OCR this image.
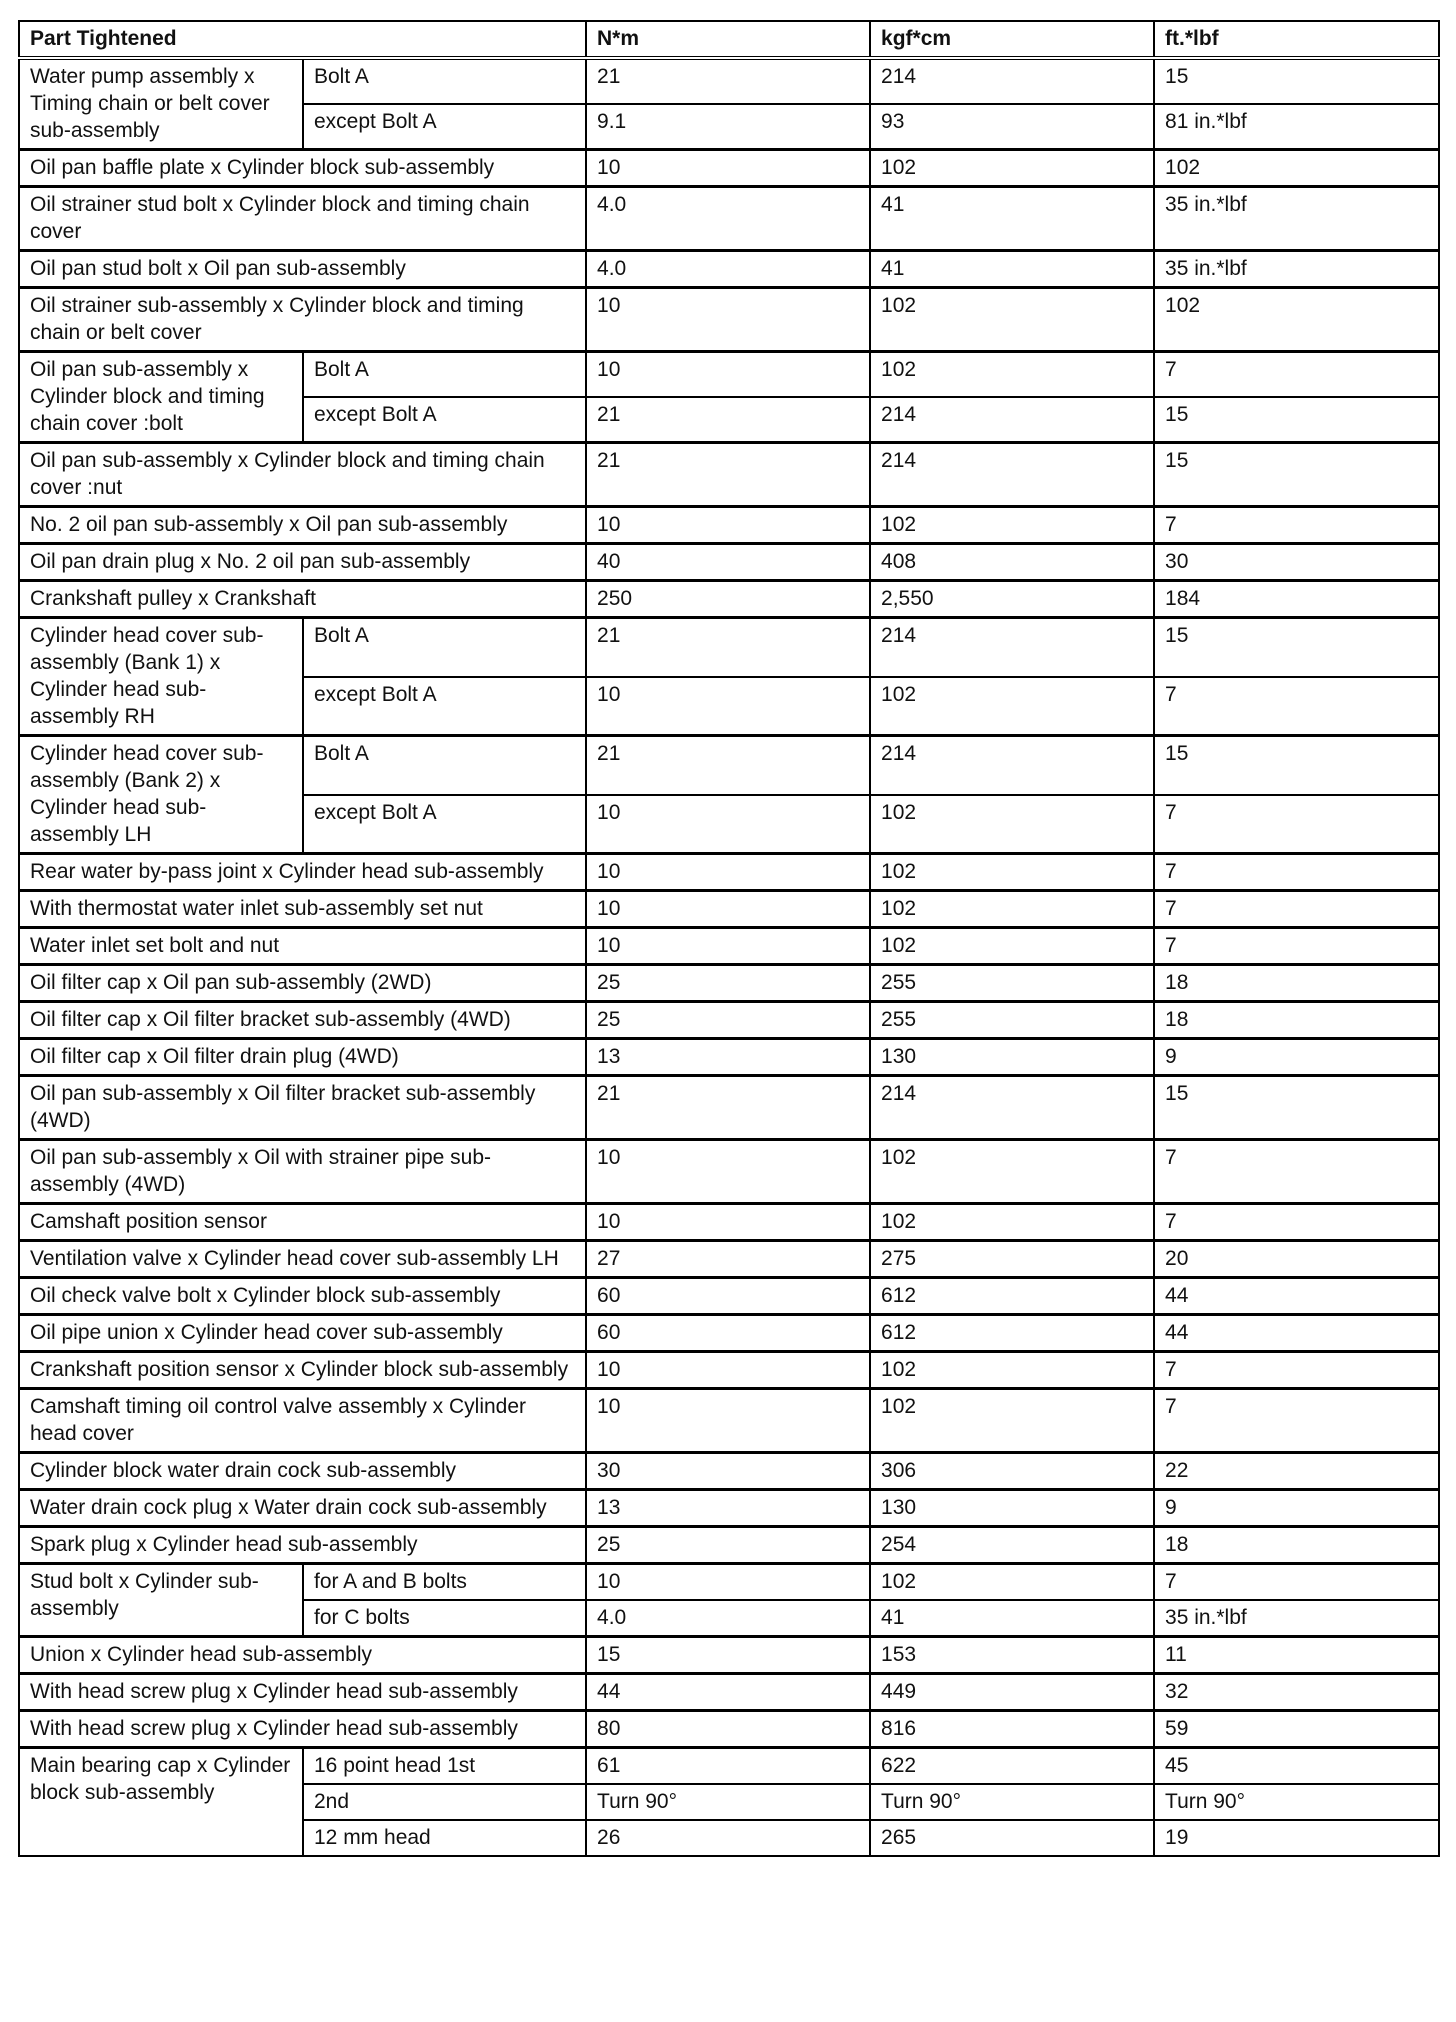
Part Tightened		N*m	kgf*cm	ft.*lbf
Water pump assembly x Timing chain or belt cover sub-assembly	Bolt A	21	214	15
	except Bolt A	9.1	93	81 in.*lbf
Oil pan baffle plate x Cylinder block sub-assembly		10	102	102
Oil strainer stud bolt x Cylinder block and timing chain cover		4.0	41	35 in.*lbf
Oil pan stud bolt x Oil pan sub-assembly		4.0	41	35 in.*lbf
Oil strainer sub-assembly x Cylinder block and timing chain or belt cover		10	102	102
Oil pan sub-assembly x Cylinder block and timing chain cover :bolt	Bolt A	10	102	7
	except Bolt A	21	214	15
Oil pan sub-assembly x Cylinder block and timing chain cover :nut		21	214	15
No. 2 oil pan sub-assembly x Oil pan sub-assembly		10	102	7
Oil pan drain plug x No. 2 oil pan sub-assembly		40	408	30
Crankshaft pulley x Crankshaft		250	2,550	184
Cylinder head cover sub-assembly (Bank 1) x Cylinder head sub-assembly RH	Bolt A	21	214	15
	except Bolt A	10	102	7
Cylinder head cover sub-assembly (Bank 2) x Cylinder head sub-assembly LH	Bolt A	21	214	15
	except Bolt A	10	102	7
Rear water by-pass joint x Cylinder head sub-assembly		10	102	7
With thermostat water inlet sub-assembly set nut		10	102	7
Water inlet set bolt and nut		10	102	7
Oil filter cap x Oil pan sub-assembly (2WD)		25	255	18
Oil filter cap x Oil filter bracket sub-assembly (4WD)		25	255	18
Oil filter cap x Oil filter drain plug (4WD)		13	130	9
Oil pan sub-assembly x Oil filter bracket sub-assembly (4WD)		21	214	15
Oil pan sub-assembly x Oil with strainer pipe sub-assembly (4WD)		10	102	7
Camshaft position sensor		10	102	7
Ventilation valve x Cylinder head cover sub-assembly LH		27	275	20
Oil check valve bolt x Cylinder block sub-assembly		60	612	44
Oil pipe union x Cylinder head cover sub-assembly		60	612	44
Crankshaft position sensor x Cylinder block sub-assembly		10	102	7
Camshaft timing oil control valve assembly x Cylinder head cover		10	102	7
Cylinder block water drain cock sub-assembly		30	306	22
Water drain cock plug x Water drain cock sub-assembly		13	130	9
Spark plug x Cylinder head sub-assembly		25	254	18
Stud bolt x Cylinder sub-assembly	for A and B bolts	10	102	7
	for C bolts	4.0	41	35 in.*lbf
Union x Cylinder head sub-assembly		15	153	11
With head screw plug x Cylinder head sub-assembly		44	449	32
With head screw plug x Cylinder head sub-assembly		80	816	59
Main bearing cap x Cylinder block sub-assembly	16 point head 1st	61	622	45
	2nd	Turn 90°	Turn 90°	Turn 90°
	12 mm head	26	265	19
